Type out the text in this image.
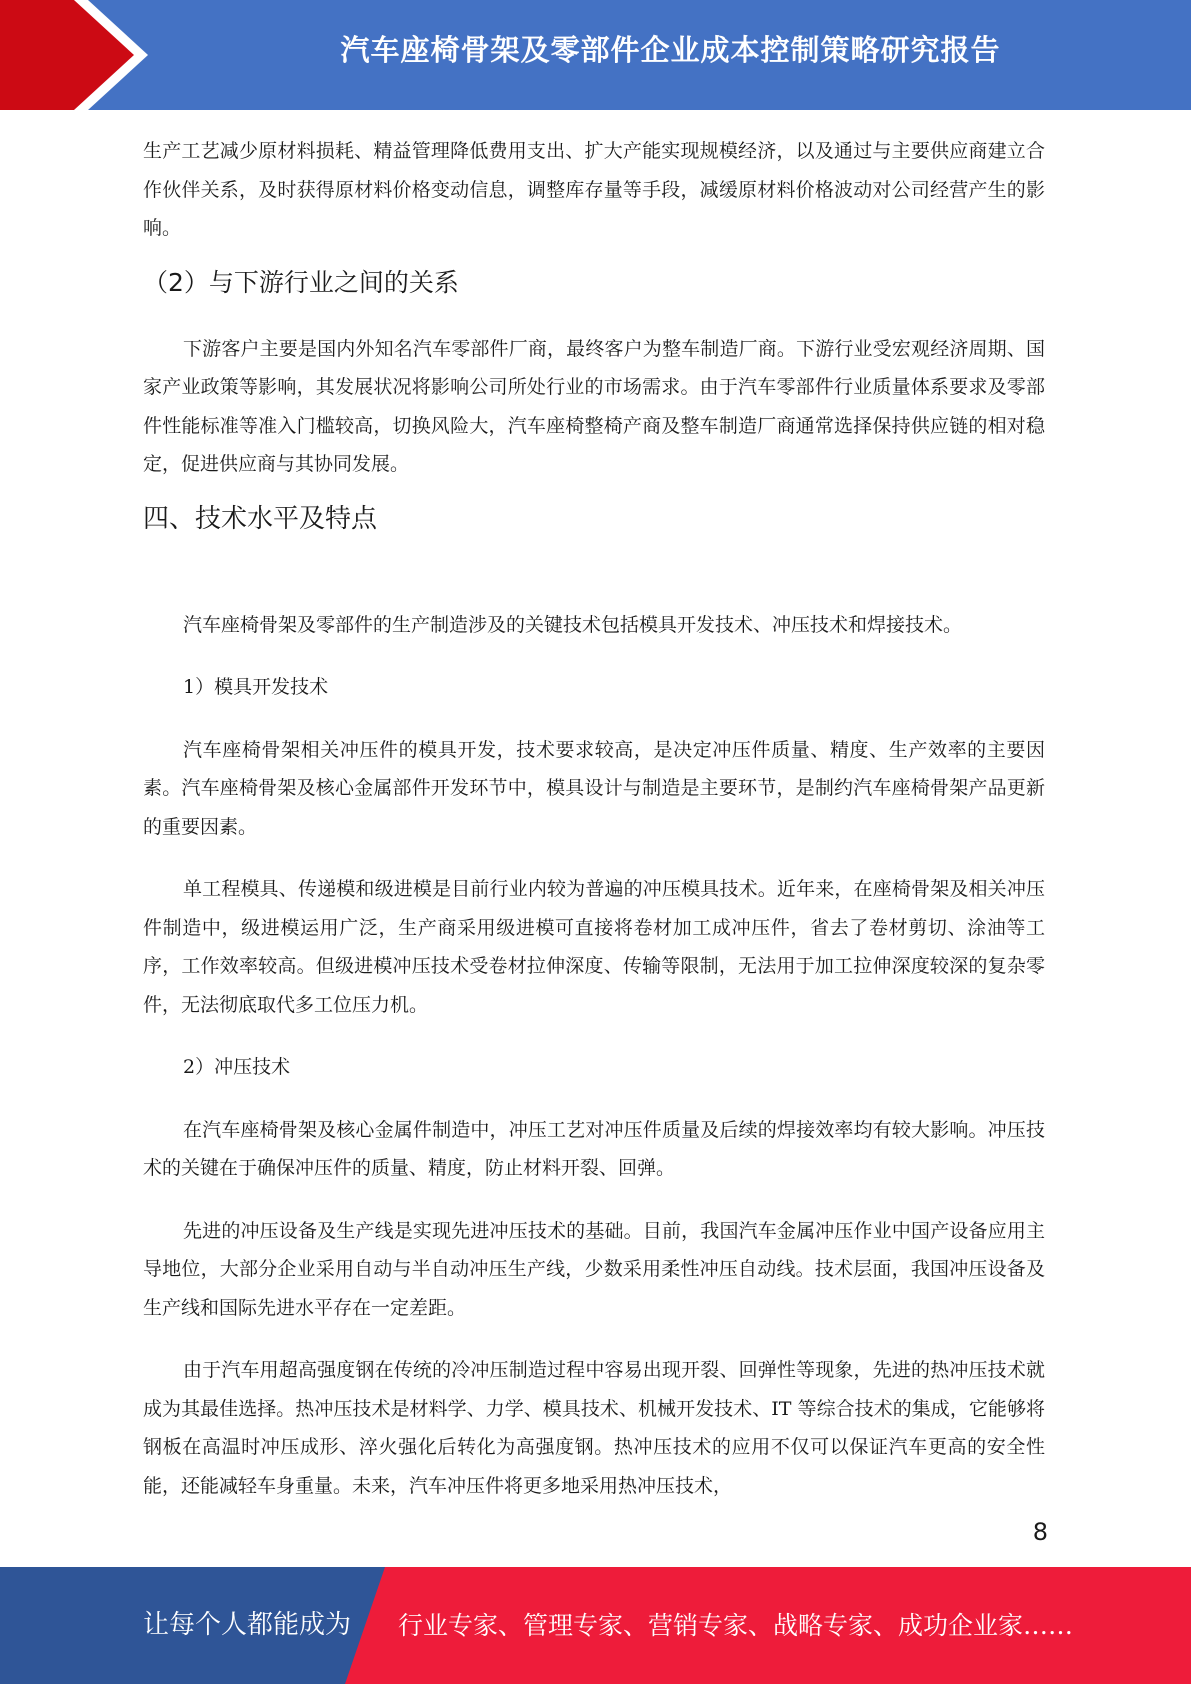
汽车座椅骨架及零部件企业成本控制策略研究报告

生产工艺减少原材料损耗、精益管理降低费用支出、扩大产能实现规模经济，以及通过与主要供应商建立合作伙伴关系，及时获得原材料价格变动信息，调整库存量等手段，减缓原材料价格波动对公司经营产生的影响。

（2）与下游行业之间的关系

下游客户主要是国内外知名汽车零部件厂商，最终客户为整车制造厂商。下游行业受宏观经济周期、国家产业政策等影响，其发展状况将影响公司所处行业的市场需求。由于汽车零部件行业质量体系要求及零部件性能标准等准入门槛较高，切换风险大，汽车座椅整椅产商及整车制造厂商通常选择保持供应链的相对稳定，促进供应商与其协同发展。

四、技术水平及特点

汽车座椅骨架及零部件的生产制造涉及的关键技术包括模具开发技术、冲压技术和焊接技术。

1）模具开发技术

汽车座椅骨架相关冲压件的模具开发，技术要求较高，是决定冲压件质量、精度、生产效率的主要因素。汽车座椅骨架及核心金属部件开发环节中，模具设计与制造是主要环节，是制约汽车座椅骨架产品更新的重要因素。

单工程模具、传递模和级进模是目前行业内较为普遍的冲压模具技术。近年来，在座椅骨架及相关冲压件制造中，级进模运用广泛，生产商采用级进模可直接将卷材加工成冲压件，省去了卷材剪切、涂油等工序，工作效率较高。但级进模冲压技术受卷材拉伸深度、传输等限制，无法用于加工拉伸深度较深的复杂零件，无法彻底取代多工位压力机。

2）冲压技术

在汽车座椅骨架及核心金属件制造中，冲压工艺对冲压件质量及后续的焊接效率均有较大影响。冲压技术的关键在于确保冲压件的质量、精度，防止材料开裂、回弹。

先进的冲压设备及生产线是实现先进冲压技术的基础。目前，我国汽车金属冲压作业中国产设备应用主导地位，大部分企业采用自动与半自动冲压生产线，少数采用柔性冲压自动线。技术层面，我国冲压设备及生产线和国际先进水平存在一定差距。

由于汽车用超高强度钢在传统的冷冲压制造过程中容易出现开裂、回弹性等现象，先进的热冲压技术就成为其最佳选择。热冲压技术是材料学、力学、模具技术、机械开发技术、IT 等综合技术的集成，它能够将钢板在高温时冲压成形、淬火强化后转化为高强度钢。热冲压技术的应用不仅可以保证汽车更高的安全性能，还能减轻车身重量。未来，汽车冲压件将更多地采用热冲压技术，

8
让每个人都能成为 行业专家、管理专家、营销专家、战略专家、成功企业家……
